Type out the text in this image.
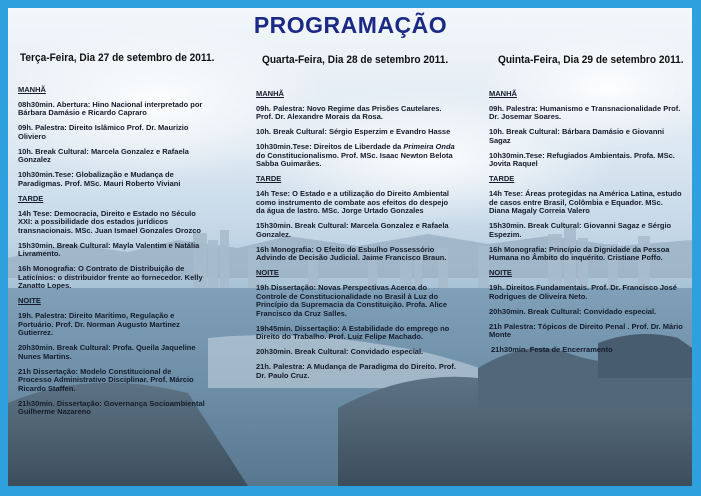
PROGRAMAÇÃO
Terça-Feira, Dia 27 de setembro de 2011.	Quarta-Feira, Dia 28 de setembro 2011.	Quinta-Feira, Dia 29 de setembro 2011.

MANHÃ

08h30min. Abertura: Hino Nacional interpretado por Bárbara Damásio e Ricardo Capraro

09h. Palestra: Direito Islâmico Prof. Dr. Maurizio Oliviero

10h. Break Cultural: Marcela Gonzalez e Rafaela Gonzalez

10h30min.Tese: Globalização e Mudança de Paradigmas. Prof. MSc. Mauri Roberto Viviani

TARDE

14h Tese: Democracia, Direito e Estado no Século XXI: a possibilidade dos estados jurídicos transnacionais. MSc. Juan Ismael Gonzales Orozco

15h30min. Break Cultural: Mayla Valentim e Natália Livramento.

16h Monografia: O Contrato de Distribuição de Laticínios: o distribuidor frente ao fornecedor. Kelly Zanatto Lopes.

NOITE

19h. Palestra: Direito Marítimo, Regulação e Portuário. Prof. Dr. Norman Augusto Martinez Gutierrez.

20h30min. Break Cultural: Profa. Queila Jaqueline Nunes Martins.

21h Dissertação: Modelo Constitucional de Processo Administrativo Disciplinar. Prof. Márcio Ricardo Staffen.

21h30min. Dissertação: Governança Socioambiental Guilherme Nazareno

MANHÃ

09h. Palestra: Novo Regime das Prisões Cautelares. Prof. Dr. Alexandre Morais da Rosa.

10h. Break Cultural: Sérgio Esperzim e Evandro Hasse

10h30min.Tese: Direitos de Liberdade da Primeira Onda do Constitucionalismo. Prof. MSc. Isaac Newton Belota Sabba Guimarães.

TARDE

14h Tese: O Estado e a utilização do Direito Ambiental como instrumento de combate aos efeitos do despejo da água de lastro. MSc. Jorge Urtado Gonzales

15h30min. Break Cultural: Marcela Gonzalez e Rafaela Gonzalez.

16h Monografia: O Efeito do Esbulho Possessório Advindo de Decisão Judicial. Jaime Francisco Braun.

NOITE

19h Dissertação: Novas Perspectivas Acerca do Controle de Constitucionalidade no Brasil à Luz do Princípio da Supremacia da Constituição. Profa. Alice Francisco da Cruz Salles.

19h45min. Dissertação: A Estabilidade do emprego no Direito do Trabalho. Prof. Luiz Felipe Machado.

20h30min. Break Cultural: Convidado especial.

21h. Palestra: A Mudança de Paradigma do Direito. Prof. Dr. Paulo Cruz.

MANHÃ

09h. Palestra: Humanismo e Transnacionalidade Prof. Dr. Josemar Soares.

10h. Break Cultural: Bárbara Damásio e Giovanni Sagaz

10h30min.Tese: Refugiados Ambientais. Profa. MSc. Jovita Raquel

TARDE

14h Tese: Áreas protegidas na América Latina, estudo de casos entre Brasil, Colômbia e Equador. MSc. Diana Magaly Correia Valero

15h30min. Break Cultural: Giovanni Sagaz e Sérgio Espezim.

16h Monografia: Princípio da Dignidade da Pessoa Humana no Âmbito do inquérito. Cristiane Poffo.

NOITE

19h. Direitos Fundamentais. Prof. Dr. Francisco José Rodrigues de Oliveira Neto.

20h30min. Break Cultural: Convidado especial.

21h Palestra: Tópicos de Direito Penal . Prof. Dr. Mário Monte

21h30min. Festa de Encerramento
